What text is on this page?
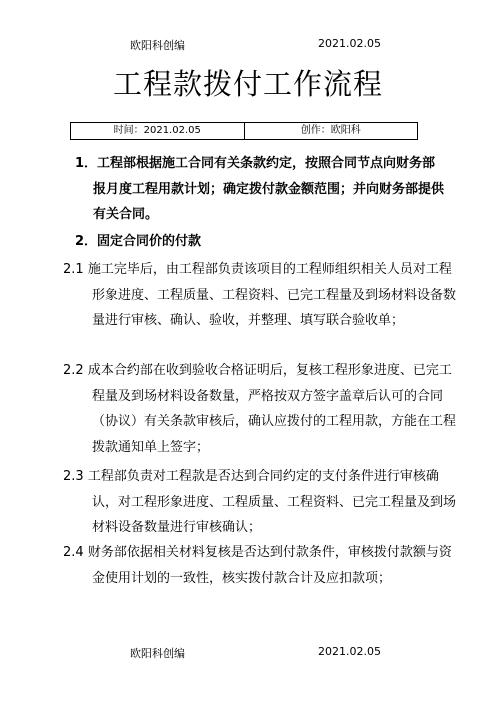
欧阳科创编	2021.02.05
工程款拨付工作流程
时间：2021.02.05	创作：欧阳科
1．工程部根据施工合同有关条款约定，按照合同节点向财务部报月度工程用款计划；确定拨付款金额范围；并向财务部提供有关合同。
2．固定合同价的付款
2.1 施工完毕后，由工程部负责该项目的工程师组织相关人员对工程形象进度、工程质量、工程资料、已完工程量及到场材料设备数量进行审核、确认、验收，并整理、填写联合验收单；
2.2 成本合约部在收到验收合格证明后，复核工程形象进度、已完工程量及到场材料设备数量，严格按双方签字盖章后认可的合同（协议）有关条款审核后，确认应拨付的工程用款，方能在工程拨款通知单上签字；
2.3 工程部负责对工程款是否达到合同约定的支付条件进行审核确认，对工程形象进度、工程质量、工程资料、已完工程量及到场材料设备数量进行审核确认；
2.4 财务部依据相关材料复核是否达到付款条件，审核拨付款额与资金使用计划的一致性，核实拨付款合计及应扣款项；
欧阳科创编	2021.02.05
